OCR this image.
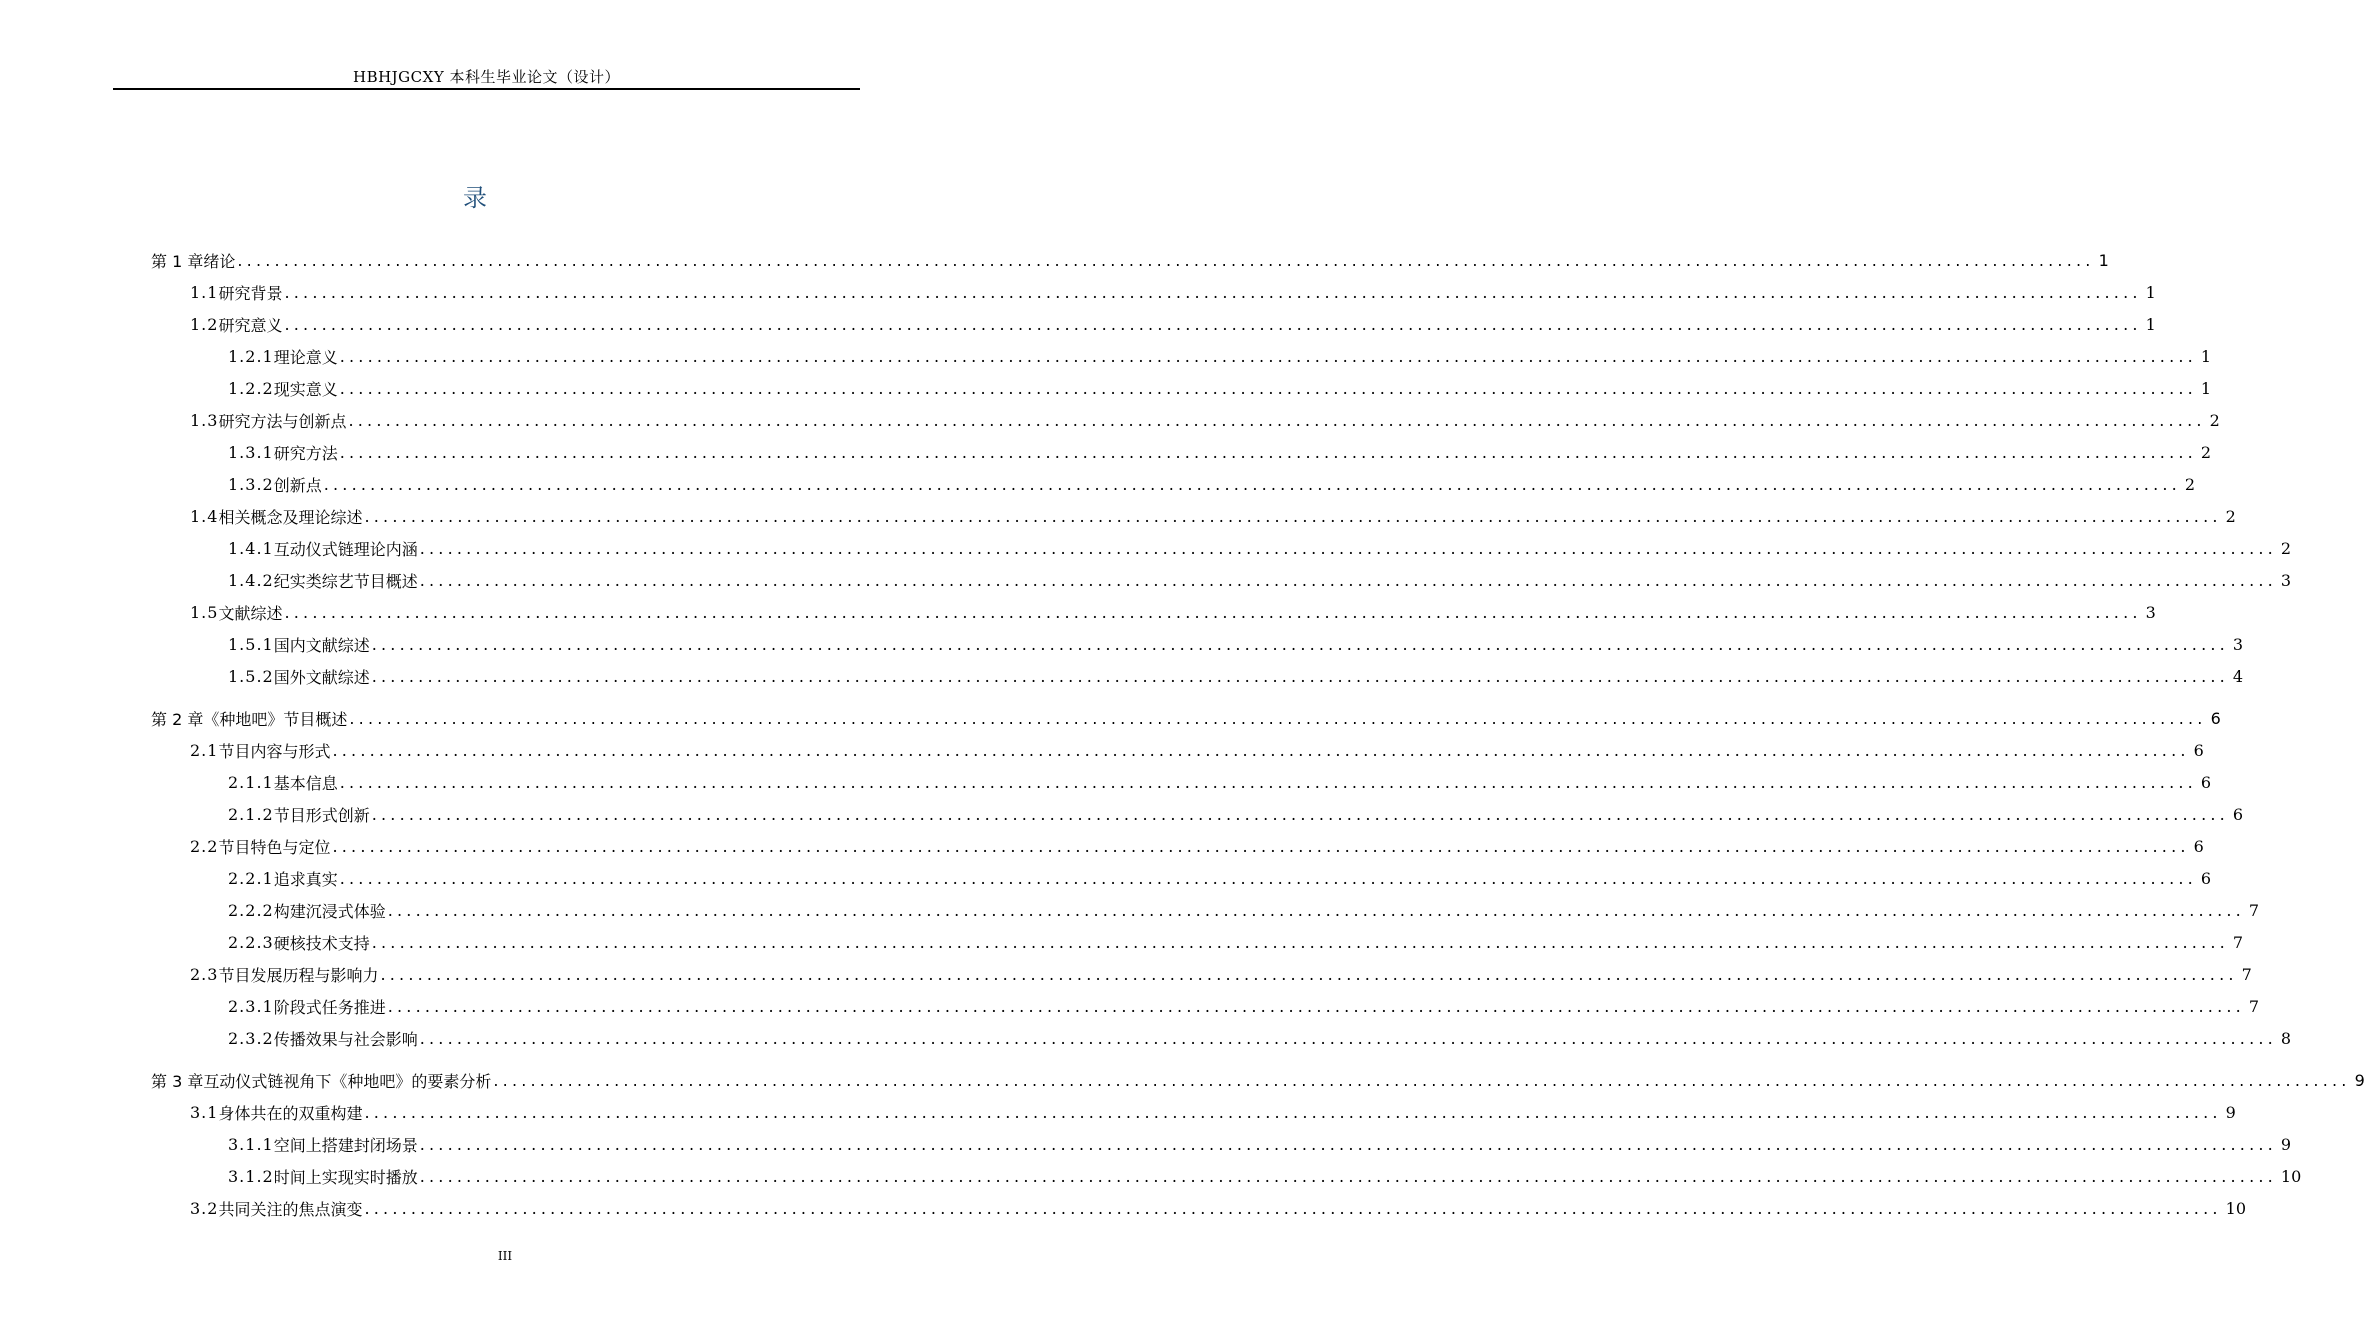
HBHJGCXY 本科生毕业论文（设计）
录
第 1 章 绪论 ........................................................................................................................................................................................................ 1
1.1 研究背景 ........................................................................................................................................................................................................ 1
1.2 研究意义 ........................................................................................................................................................................................................ 1
1.2.1 理论意义 ........................................................................................................................................................................................................ 1
1.2.2 现实意义 ........................................................................................................................................................................................................ 1
1.3 研究方法与创新点 ........................................................................................................................................................................................................ 2
1.3.1 研究方法 ........................................................................................................................................................................................................ 2
1.3.2 创新点 ........................................................................................................................................................................................................ 2
1.4 相关概念及理论综述 ........................................................................................................................................................................................................ 2
1.4.1 互动仪式链理论内涵 ........................................................................................................................................................................................................ 2
1.4.2 纪实类综艺节目概述 ........................................................................................................................................................................................................ 3
1.5 文献综述 ........................................................................................................................................................................................................ 3
1.5.1 国内文献综述 ........................................................................................................................................................................................................ 3
1.5.2 国外文献综述 ........................................................................................................................................................................................................ 4
第 2 章 《种地吧》节目概述 ........................................................................................................................................................................................................ 6
2.1 节目内容与形式 ........................................................................................................................................................................................................ 6
2.1.1 基本信息 ........................................................................................................................................................................................................ 6
2.1.2 节目形式创新 ........................................................................................................................................................................................................ 6
2.2 节目特色与定位 ........................................................................................................................................................................................................ 6
2.2.1 追求真实 ........................................................................................................................................................................................................ 6
2.2.2 构建沉浸式体验 ........................................................................................................................................................................................................ 7
2.2.3 硬核技术支持 ........................................................................................................................................................................................................ 7
2.3 节目发展历程与影响力 ........................................................................................................................................................................................................ 7
2.3.1 阶段式任务推进 ........................................................................................................................................................................................................ 7
2.3.2 传播效果与社会影响 ........................................................................................................................................................................................................ 8
第 3 章 互动仪式链视角下《种地吧》的要素分析 ........................................................................................................................................................................................................ 9
3.1 身体共在的双重构建 ........................................................................................................................................................................................................ 9
3.1.1 空间上搭建封闭场景 ........................................................................................................................................................................................................ 9
3.1.2 时间上实现实时播放 ........................................................................................................................................................................................................ 10
3.2 共同关注的焦点演变 ........................................................................................................................................................................................................ 10
III
